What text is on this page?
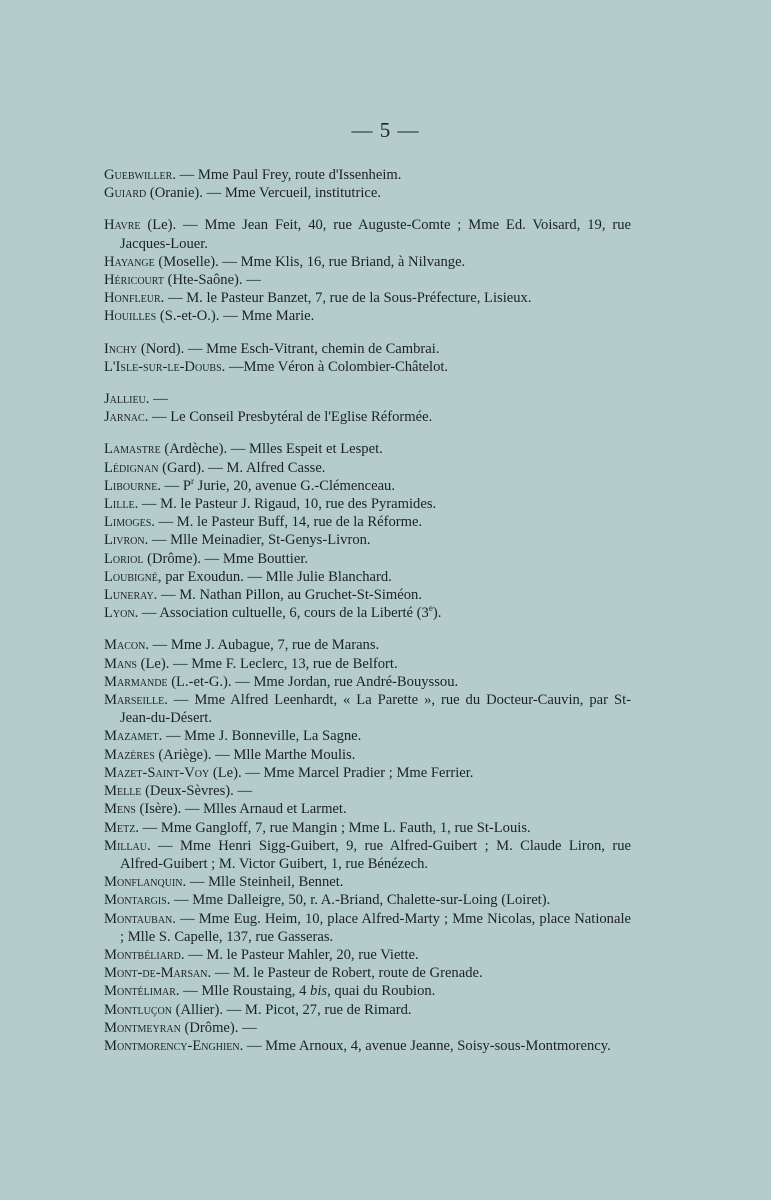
— 5 —
Guebwiller. — Mme Paul Frey, route d'Issenheim.
Guiard (Oranie). — Mme Vercueil, institutrice.
Havre (Le). — Mme Jean Feit, 40, rue Auguste-Comte ; Mme Ed. Voisard, 19, rue Jacques-Louer.
Hayange (Moselle). — Mme Klis, 16, rue Briand, à Nilvange.
Héricourt (Hte-Saône). —
Honfleur. — M. le Pasteur Banzet, 7, rue de la Sous-Préfecture, Lisieux.
Houilles (S.-et-O.). — Mme Marie.
Inchy (Nord). — Mme Esch-Vitrant, chemin de Cambrai.
L'Isle-sur-le-Doubs. —Mme Véron à Colombier-Châtelot.
Jallieu. —
Jarnac. — Le Conseil Presbytéral de l'Eglise Réformée.
Lamastre (Ardèche). — Mlles Espeit et Lespet.
Lédignan (Gard). — M. Alfred Casse.
Libourne. — $P^r$ Jurie, 20, avenue G.-Clémenceau.
Lille. — M. le Pasteur J. Rigaud, 10, rue des Pyramides.
Limoges. — M. le Pasteur Buff, 14, rue de la Réforme.
Livron. — Mlle Meinadier, St-Genys-Livron.
Loriol (Drôme). — Mme Bouttier.
Loubigné, par Exoudun. — Mlle Julie Blanchard.
Luneray. — M. Nathan Pillon, au Gruchet-St-Siméon.
Lyon. — Association cultuelle, 6, cours de la Liberté (3e).
Macon. — Mme J. Aubague, 7, rue de Marans.
Mans (Le). — Mme F. Leclerc, 13, rue de Belfort.
Marmande (L.-et-G.). — Mme Jordan, rue André-Bouyssou.
Marseille. — Mme Alfred Leenhardt, « La Parette », rue du Docteur-Cauvin, par St-Jean-du-Désert.
Mazamet. — Mme J. Bonneville, La Sagne.
Mazères (Ariège). — Mlle Marthe Moulis.
Mazet-Saint-Voy (Le). — Mme Marcel Pradier ; Mme Ferrier.
Melle (Deux-Sèvres). —
Mens (Isère). — Mlles Arnaud et Larmet.
Metz. — Mme Gangloff, 7, rue Mangin ; Mme L. Fauth, 1, rue St-Louis.
Millau. — Mme Henri Sigg-Guibert, 9, rue Alfred-Guibert ; M. Claude Liron, rue Alfred-Guibert ; M. Victor Guibert, 1, rue Bénézech.
Monflanquin. — Mlle Steinheil, Bennet.
Montargis. — Mme Dalleigre, 50, r. A.-Briand, Chalette-sur-Loing (Loiret).
Montauban. — Mme Eug. Heim, 10, place Alfred-Marty ; Mme Nicolas, place Nationale ; Mlle S. Capelle, 137, rue Gasseras.
Montbéliard. — M. le Pasteur Mahler, 20, rue Viette.
Mont-de-Marsan. — M. le Pasteur de Robert, route de Grenade.
Montélimar. — Mlle Roustaing, 4 bis, quai du Roubion.
Montluçon (Allier). — M. Picot, 27, rue de Rimard.
Montmeyran (Drôme). —
Montmorency-Enghien. — Mme Arnoux, 4, avenue Jeanne, Soisy-sous-Montmorency.
